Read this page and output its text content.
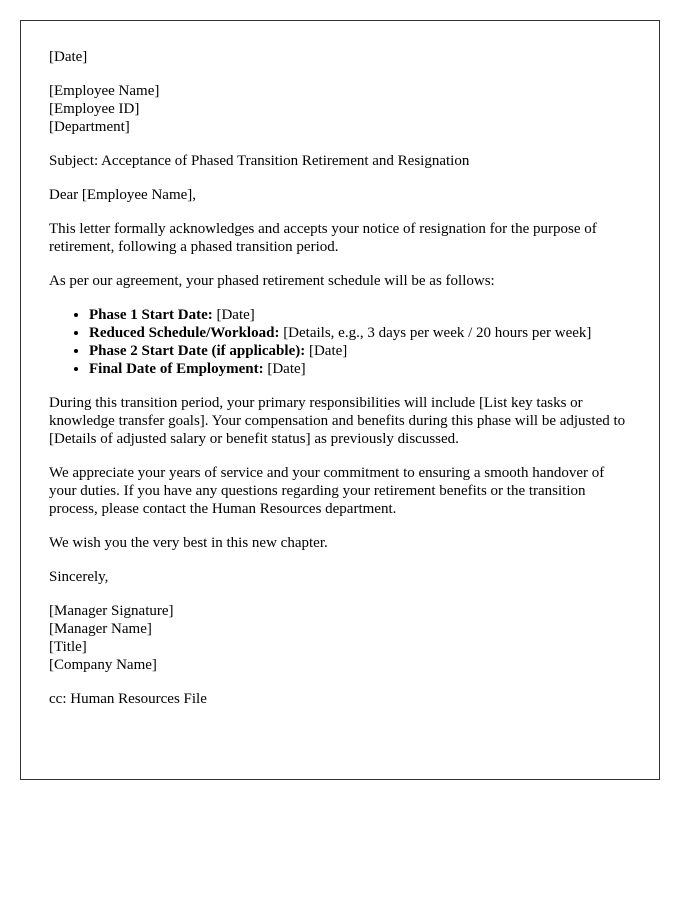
[Date]

[Employee Name]
[Employee ID]
[Department]

Subject: Acceptance of Phased Transition Retirement and Resignation

Dear [Employee Name],

This letter formally acknowledges and accepts your notice of resignation for the purpose of retirement, following a phased transition period.

As per our agreement, your phased retirement schedule will be as follows:

• Phase 1 Start Date: [Date]
• Reduced Schedule/Workload: [Details, e.g., 3 days per week / 20 hours per week]
• Phase 2 Start Date (if applicable): [Date]
• Final Date of Employment: [Date]

During this transition period, your primary responsibilities will include [List key tasks or knowledge transfer goals]. Your compensation and benefits during this phase will be adjusted to [Details of adjusted salary or benefit status] as previously discussed.

We appreciate your years of service and your commitment to ensuring a smooth handover of your duties. If you have any questions regarding your retirement benefits or the transition process, please contact the Human Resources department.

We wish you the very best in this new chapter.

Sincerely,

[Manager Signature]
[Manager Name]
[Title]
[Company Name]

cc: Human Resources File
